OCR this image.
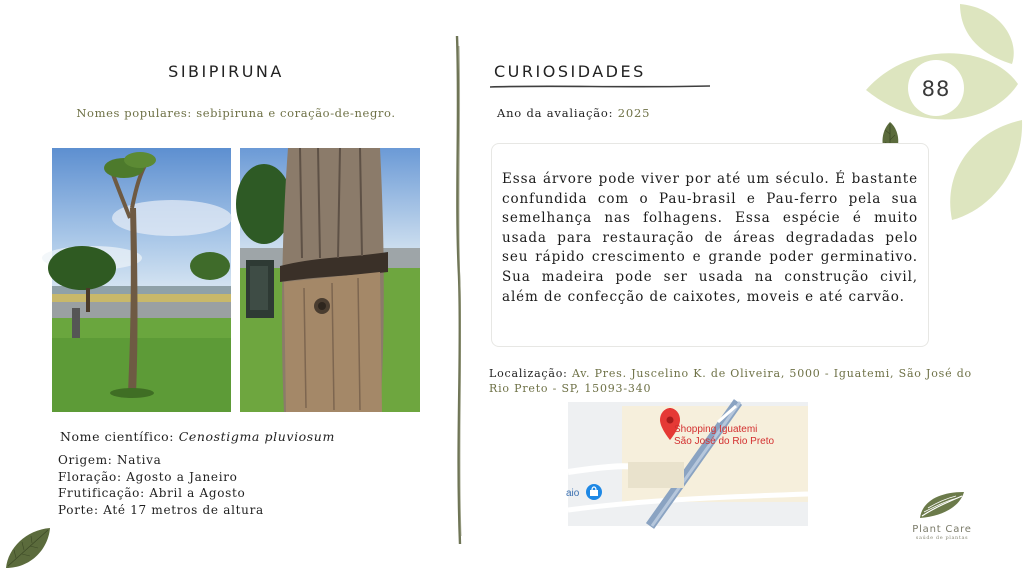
88
SIBIPIRUNA
Nomes populares: sebipiruna e coração-de-negro.
Nome científico: Cenostigma pluviosum
Origem: Nativa
Floração: Agosto a Janeiro
Frutificação: Abril a Agosto
Porte: Até 17 metros de altura
CURIOSIDADES
Ano da avaliação: 2025

Essa árvore pode viver por até um século. É bastante confundida com o Pau-brasil e Pau-ferro pela sua semelhança nas folhagens. Essa espécie é muito usada para restauração de áreas degradadas pelo seu rápido crescimento e grande poder germinativo. Sua madeira pode ser usada na construção civil, além de confecção de caixotes, moveis e até carvão.

Localização: Av. Pres. Juscelino K. de Oliveira, 5000 - Iguatemi, São José do Rio Preto - SP, 15093-340
Shopping Iguatemi
São José do Rio Preto
aio
Plant Care
saúde de plantas
